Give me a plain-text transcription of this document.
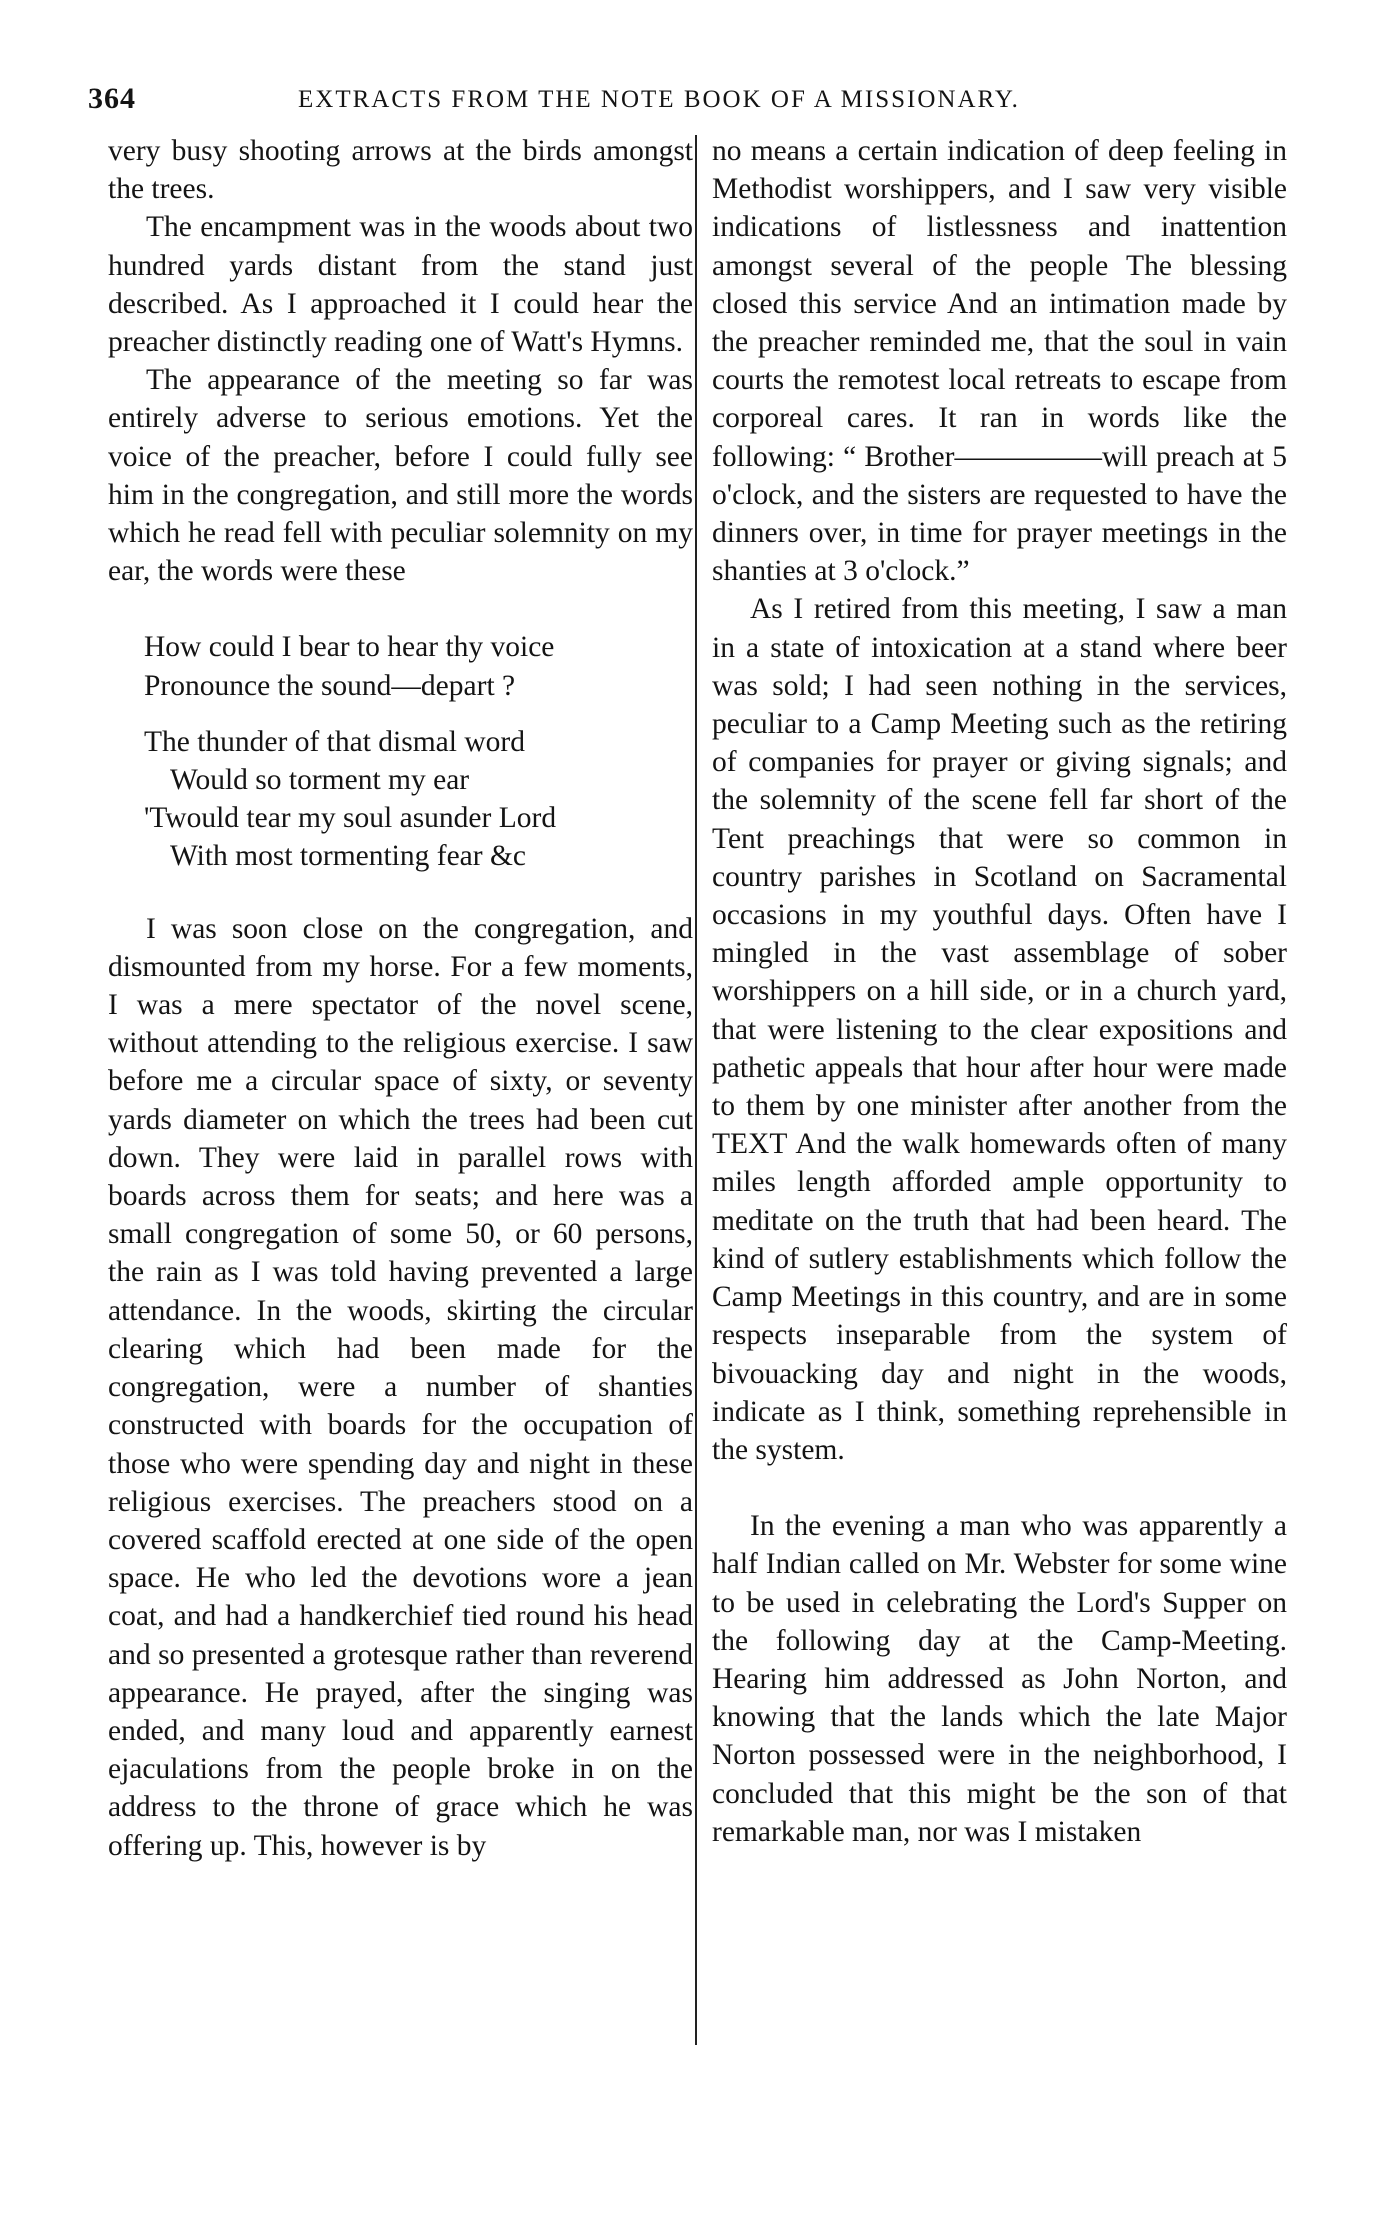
364	EXTRACTS FROM THE NOTE BOOK OF A MISSIONARY.

very busy shooting arrows at the birds amongst the trees.

The encampment was in the woods about two hundred yards distant from the stand just described. As I approached it I could hear the preacher distinctly reading one of Watt's Hymns.

The appearance of the meeting so far was entirely adverse to serious emotions. Yet the voice of the preacher, before I could fully see him in the congregation, and still more the words which he read fell with peculiar solemnity on my ear, the words were these

How could I bear to hear thy voice
Pronounce the sound—depart ?
The thunder of that dismal word
Would so torment my ear
'Twould tear my soul asunder Lord
With most tormenting fear &c

I was soon close on the congregation, and dismounted from my horse. For a few moments, I was a mere spectator of the novel scene, without attending to the religious exercise. I saw before me a circular space of sixty, or seventy yards diameter on which the trees had been cut down. They were laid in parallel rows with boards across them for seats; and here was a small congregation of some 50, or 60 persons, the rain as I was told having prevented a large attendance. In the woods, skirting the circular clearing which had been made for the congregation, were a number of shanties constructed with boards for the occupation of those who were spending day and night in these religious exercises. The preachers stood on a covered scaffold erected at one side of the open space. He who led the devotions wore a jean coat, and had a handkerchief tied round his head and so presented a grotesque rather than reverend appearance. He prayed, after the singing was ended, and many loud and apparently earnest ejaculations from the people broke in on the address to the throne of grace which he was offering up. This, however is by

no means a certain indication of deep feeling in Methodist worshippers, and I saw very visible indications of listlessness and inattention amongst several of the people The blessing closed this service And an intimation made by the preacher reminded me, that the soul in vain courts the remotest local retreats to escape from corporeal cares. It ran in words like the following: “ Brother—————will preach at 5 o'clock, and the sisters are requested to have the dinners over, in time for prayer meetings in the shanties at 3 o'clock.”

As I retired from this meeting, I saw a man in a state of intoxication at a stand where beer was sold; I had seen nothing in the services, peculiar to a Camp Meeting such as the retiring of companies for prayer or giving signals; and the solemnity of the scene fell far short of the Tent preachings that were so common in country parishes in Scotland on Sacramental occasions in my youthful days. Often have I mingled in the vast assemblage of sober worshippers on a hill side, or in a church yard, that were listening to the clear expositions and pathetic appeals that hour after hour were made to them by one minister after another from the TEXT And the walk homewards often of many miles length afforded ample opportunity to meditate on the truth that had been heard. The kind of sutlery establishments which follow the Camp Meetings in this country, and are in some respects inseparable from the system of bivouacking day and night in the woods, indicate as I think, something reprehensible in the system.

In the evening a man who was apparently a half Indian called on Mr. Webster for some wine to be used in celebrating the Lord's Supper on the following day at the Camp-Meeting. Hearing him addressed as John Norton, and knowing that the lands which the late Major Norton possessed were in the neighborhood, I concluded that this might be the son of that remarkable man, nor was I mistaken
